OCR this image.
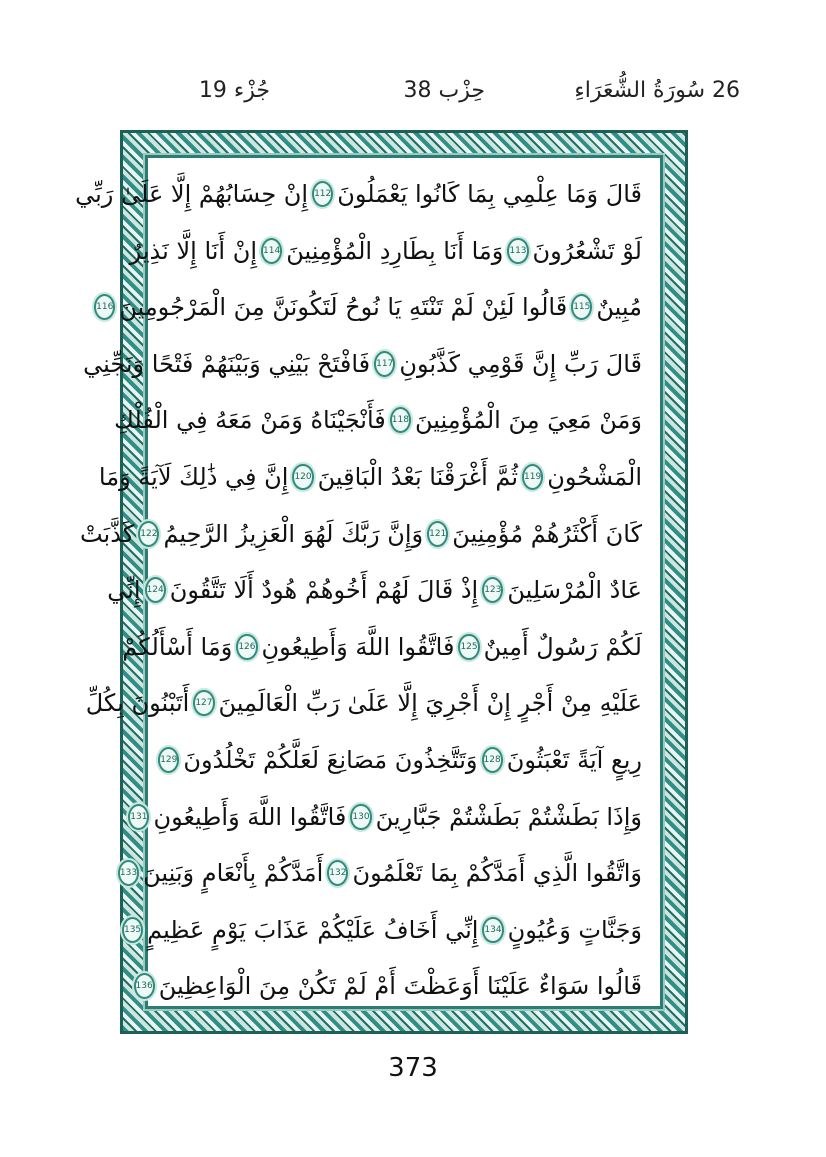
26 سُورَةُ الشُّعَرَاءِ
حِزْب 38
جُزْء 19
قَالَ وَمَا عِلْمِي بِمَا كَانُوا يَعْمَلُونَ
112
إِنْ حِسَابُهُمْ إِلَّا عَلَىٰ رَبِّي
لَوْ تَشْعُرُونَ
113
وَمَا أَنَا بِطَارِدِ الْمُؤْمِنِينَ
114
إِنْ أَنَا إِلَّا نَذِيرٌ
مُبِينٌ
115
قَالُوا لَئِنْ لَمْ تَنْتَهِ يَا نُوحُ لَتَكُونَنَّ مِنَ الْمَرْجُومِينَ
116
قَالَ رَبِّ إِنَّ قَوْمِي كَذَّبُونِ
117
فَافْتَحْ بَيْنِي وَبَيْنَهُمْ فَتْحًا وَنَجِّنِي
وَمَنْ مَعِيَ مِنَ الْمُؤْمِنِينَ
118
فَأَنْجَيْنَاهُ وَمَنْ مَعَهُ فِي الْفُلْكِ
الْمَشْحُونِ
119
ثُمَّ أَغْرَقْنَا بَعْدُ الْبَاقِينَ
120
إِنَّ فِي ذَٰلِكَ لَآيَةً وَمَا
كَانَ أَكْثَرُهُمْ مُؤْمِنِينَ
121
وَإِنَّ رَبَّكَ لَهُوَ الْعَزِيزُ الرَّحِيمُ
122
كَذَّبَتْ
عَادٌ الْمُرْسَلِينَ
123
إِذْ قَالَ لَهُمْ أَخُوهُمْ هُودٌ أَلَا تَتَّقُونَ
124
إِنِّي
لَكُمْ رَسُولٌ أَمِينٌ
125
فَاتَّقُوا اللَّهَ وَأَطِيعُونِ
126
وَمَا أَسْأَلُكُمْ
عَلَيْهِ مِنْ أَجْرٍ إِنْ أَجْرِيَ إِلَّا عَلَىٰ رَبِّ الْعَالَمِينَ
127
أَتَبْنُونَ بِكُلِّ
رِيعٍ آيَةً تَعْبَثُونَ
128
وَتَتَّخِذُونَ مَصَانِعَ لَعَلَّكُمْ تَخْلُدُونَ
129
وَإِذَا بَطَشْتُمْ بَطَشْتُمْ جَبَّارِينَ
130
فَاتَّقُوا اللَّهَ وَأَطِيعُونِ
131
وَاتَّقُوا الَّذِي أَمَدَّكُمْ بِمَا تَعْلَمُونَ
132
أَمَدَّكُمْ بِأَنْعَامٍ وَبَنِينَ
133
وَجَنَّاتٍ وَعُيُونٍ
134
إِنِّي أَخَافُ عَلَيْكُمْ عَذَابَ يَوْمٍ عَظِيمٍ
135
قَالُوا سَوَاءٌ عَلَيْنَا أَوَعَظْتَ أَمْ لَمْ تَكُنْ مِنَ الْوَاعِظِينَ
136
373
